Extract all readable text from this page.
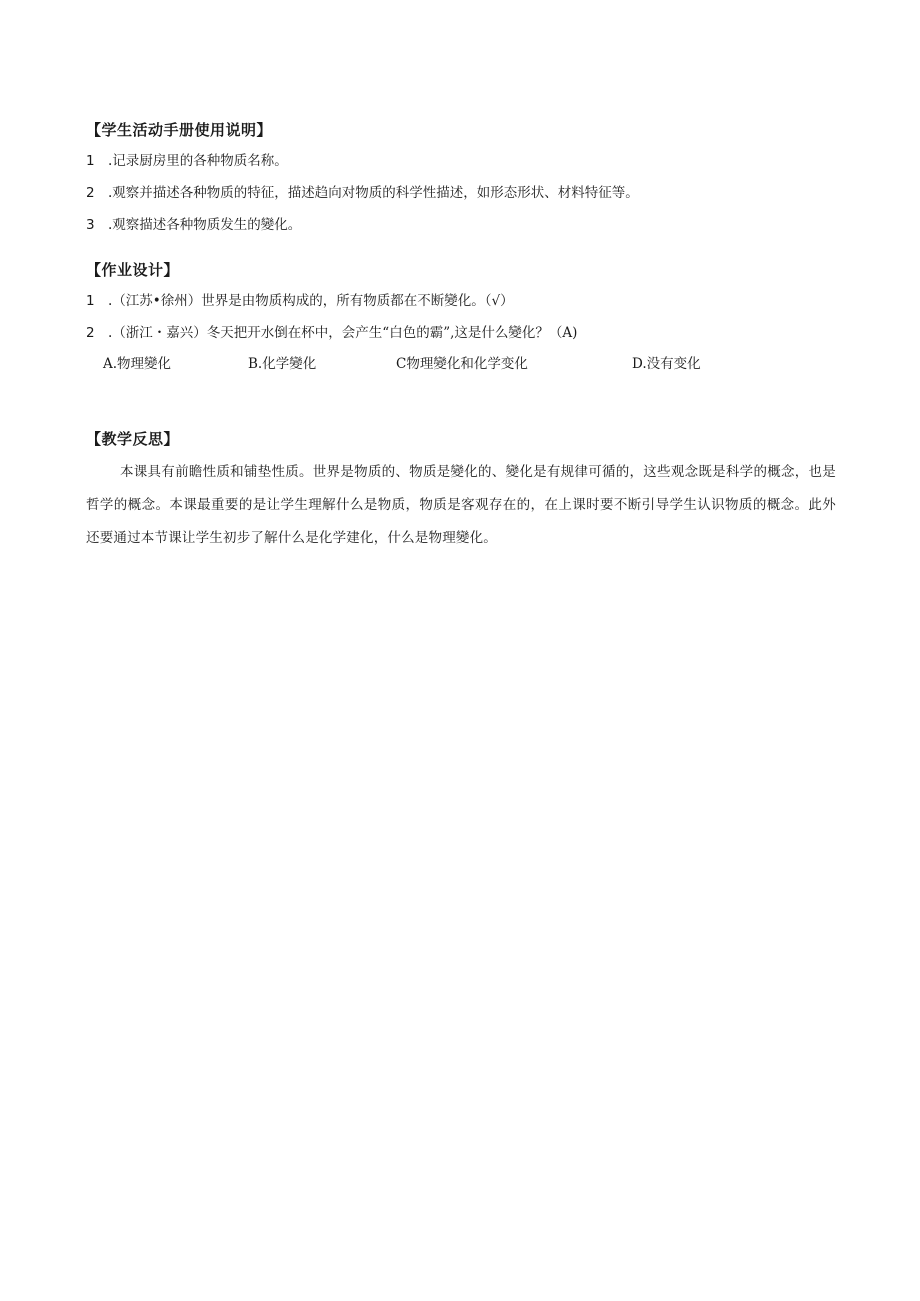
【学生活动手册使用说明】
1 .记录厨房里的各种物质名称。
2 .观察并描述各种物质的特征，描述趋向对物质的科学性描述，如形态形状、材料特征等。
3 .观察描述各种物质发生的變化。
【作业设计】
1 .（江苏•徐州）世界是由物质构成的，所有物质都在不断變化。（√）
2 .（浙江・嘉兴）冬天把开水倒在杯中，会产生“白色的霸”,这是什么變化？（A)
A.物理變化	B.化学變化	C物理變化和化学变化	D.没有变化
【教学反思】
本课具有前瞻性质和铺垫性质。世界是物质的、物质是變化的、變化是有规律可循的，这些观念既是科学的概念，也是哲学的概念。本课最重要的是让学生理解什么是物质，物质是客观存在的，在上课时要不断引导学生认识物质的概念。此外还要通过本节课让学生初步了解什么是化学建化，什么是物理變化。
